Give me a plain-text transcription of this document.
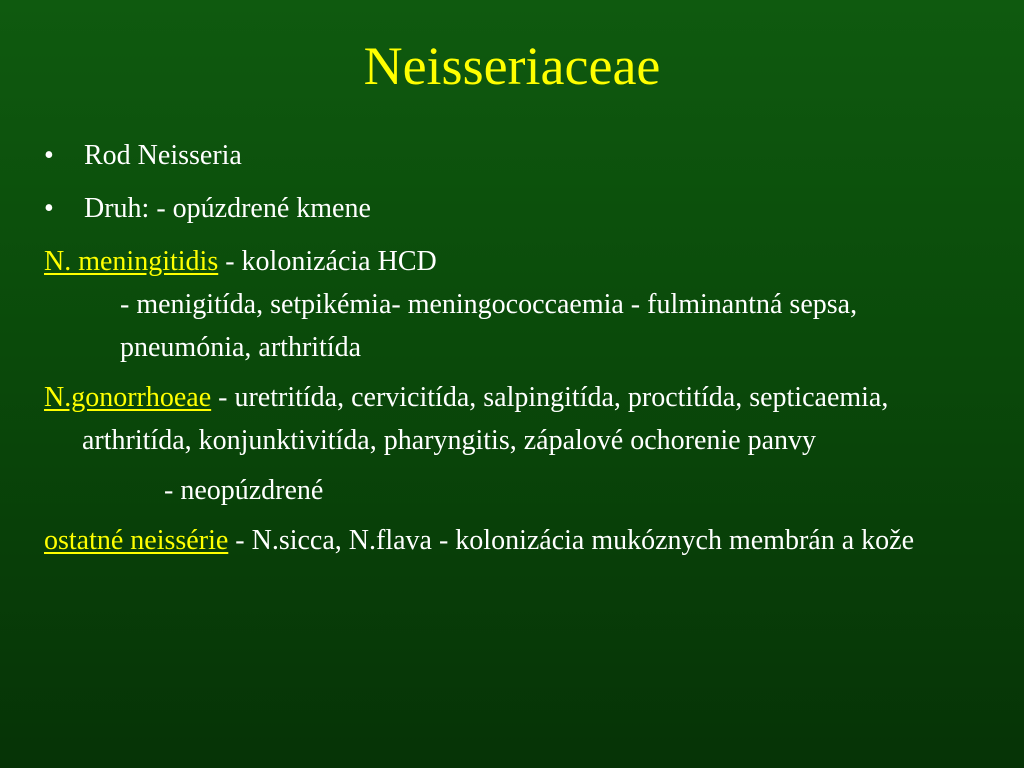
Neisseriaceae
• Rod Neisseria
• Druh: - opúzdrené kmene
N. meningitidis - kolonizácia HCD
- menigitída, setpikémia- meningococcaemia - fulminantná sepsa, pneumónia, arthritída
N.gonorrhoeae - uretritída, cervicitída, salpingitída, proctitída, septicaemia, arthritída, konjunktivitída, pharyngitis, zápalové ochorenie panvy
- neopúzdrené
ostatné neissérie - N.sicca, N.flava - kolonizácia mukóznych membrán a kože
